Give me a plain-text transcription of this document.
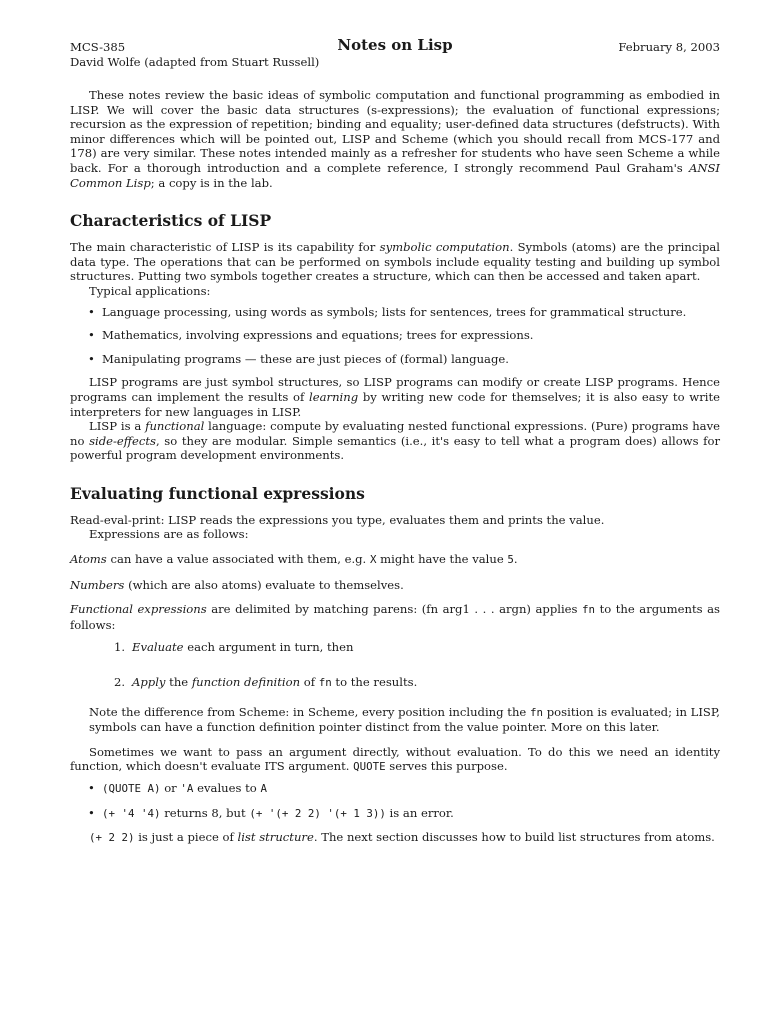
MCS-385
David Wolfe (adapted from Stuart Russell)
Notes on Lisp	February 8, 2003

These notes review the basic ideas of symbolic computation and functional programming as embodied in LISP. We will cover the basic data structures (s-expressions); the evaluation of functional expressions; recursion as the expression of repetition; binding and equality; user-defined data structures (defstructs). With minor differences which will be pointed out, LISP and Scheme (which you should recall from MCS-177 and 178) are very similar. These notes intended mainly as a refresher for students who have seen Scheme a while back. For a thorough introduction and a complete reference, I strongly recommend Paul Graham's ANSI Common Lisp; a copy is in the lab.

Characteristics of LISP

The main characteristic of LISP is its capability for symbolic computation. Symbols (atoms) are the principal data type. The operations that can be performed on symbols include equality testing and building up symbol structures. Putting two symbols together creates a structure, which can then be accessed and taken apart.

Typical applications:

• Language processing, using words as symbols; lists for sentences, trees for grammatical structure.
• Mathematics, involving expressions and equations; trees for expressions.
• Manipulating programs — these are just pieces of (formal) language.

LISP programs are just symbol structures, so LISP programs can modify or create LISP programs. Hence programs can implement the results of learning by writing new code for themselves; it is also easy to write interpreters for new languages in LISP.

LISP is a functional language: compute by evaluating nested functional expressions. (Pure) programs have no side-effects, so they are modular. Simple semantics (i.e., it's easy to tell what a program does) allows for powerful program development environments.

Evaluating functional expressions

Read-eval-print: LISP reads the expressions you type, evaluates them and prints the value.

Expressions are as follows:

Atoms can have a value associated with them, e.g. X might have the value 5.

Numbers (which are also atoms) evaluate to themselves.

Functional expressions are delimited by matching parens: (fn arg1 . . . argn) applies fn to the arguments as follows:

1. Evaluate each argument in turn, then
2. Apply the function definition of fn to the results.

Note the difference from Scheme: in Scheme, every position including the fn position is evaluated; in LISP, symbols can have a function definition pointer distinct from the value pointer. More on this later.

Sometimes we want to pass an argument directly, without evaluation. To do this we need an identity function, which doesn't evaluate ITS argument. QUOTE serves this purpose.

• (QUOTE A) or 'A evalues to A
• (+ '4 '4) returns 8, but (+ '(+ 2 2) '(+ 1 3)) is an error.

(+ 2 2) is just a piece of list structure. The next section discusses how to build list structures from atoms.
